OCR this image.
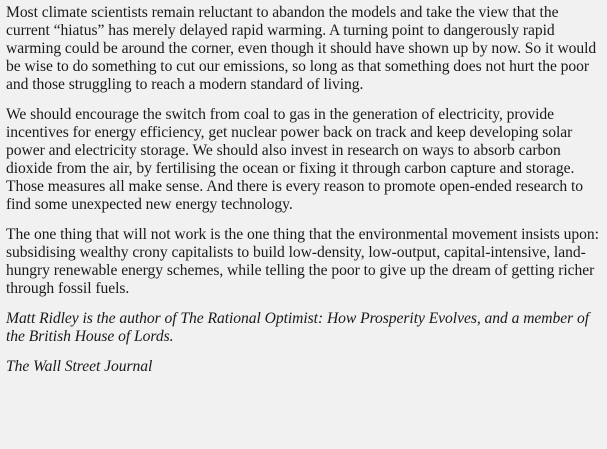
Most climate scientists remain reluctant to abandon the models and take the view that the current “hiatus” has merely delayed rapid warming. A turning point to dangerously rapid warming could be around the corner, even though it should have shown up by now. So it would be wise to do something to cut our emissions, so long as that something does not hurt the poor and those struggling to reach a modern standard of living.

We should encourage the switch from coal to gas in the generation of electricity, provide incentives for energy efficiency, get nuclear power back on track and keep developing solar power and electricity storage. We should also invest in research on ways to absorb carbon dioxide from the air, by fertilising the ocean or fixing it through carbon capture and storage. Those measures all make sense. And there is every reason to promote open-ended research to find some unexpected new energy technology.

The one thing that will not work is the one thing that the environmental movement insists upon: subsidising wealthy crony capitalists to build low-density, low-output, capital-intensive, land-hungry renewable energy schemes, while telling the poor to give up the dream of getting richer through fossil fuels.

Matt Ridley is the author of The Rational Optimist: How Prosperity Evolves, and a member of the British House of Lords.

The Wall Street Journal
